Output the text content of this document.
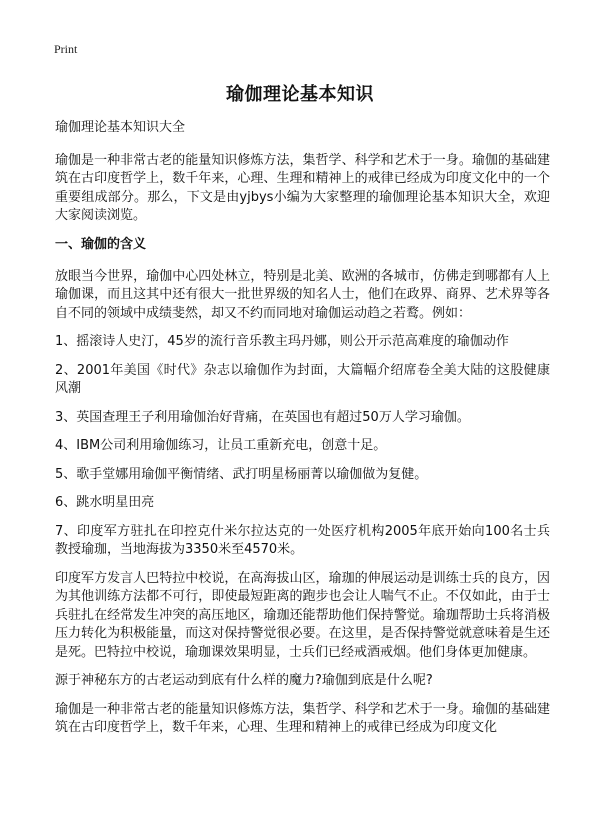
Print
瑜伽理论基本知识

瑜伽理论基本知识大全

瑜伽是一种非常古老的能量知识修炼方法，集哲学、科学和艺术于一身。瑜伽的基础建筑在古印度哲学上，数千年来，心理、生理和精神上的戒律已经成为印度文化中的一个重要组成部分。那么，下文是由yjbys小编为大家整理的瑜伽理论基本知识大全，欢迎大家阅读浏览。

一、瑜伽的含义

放眼当今世界，瑜伽中心四处林立，特别是北美、欧洲的各城市，仿佛走到哪都有人上瑜伽课，而且这其中还有很大一批世界级的知名人士，他们在政界、商界、艺术界等各自不同的领域中成绩斐然，却又不约而同地对瑜伽运动趋之若鹜。例如：

1、摇滚诗人史汀，45岁的流行音乐教主玛丹娜，则公开示范高难度的瑜伽动作

2、2001年美国《时代》杂志以瑜伽作为封面，大篇幅介绍席卷全美大陆的这股健康风潮

3、英国查理王子利用瑜伽治好背痛，在英国也有超过50万人学习瑜伽。

4、IBM公司利用瑜伽练习，让员工重新充电，创意十足。

5、歌手堂娜用瑜伽平衡情绪、武打明星杨丽菁以瑜伽做为复健。

6、跳水明星田亮

7、印度军方驻扎在印控克什米尔拉达克的一处医疗机构2005年底开始向100名士兵教授瑜珈，当地海拔为3350米至4570米。

印度军方发言人巴特拉中校说，在高海拔山区，瑜珈的伸展运动是训练士兵的良方，因为其他训练方法都不可行，即使最短距离的跑步也会让人喘气不止。不仅如此，由于士兵驻扎在经常发生冲突的高压地区，瑜珈还能帮助他们保持警觉。瑜珈帮助士兵将消极压力转化为积极能量，而这对保持警觉很必要。在这里，是否保持警觉就意味着是生还是死。巴特拉中校说，瑜珈课效果明显，士兵们已经戒酒戒烟。他们身体更加健康。

源于神秘东方的古老运动到底有什么样的魔力?瑜伽到底是什么呢?

瑜伽是一种非常古老的能量知识修炼方法，集哲学、科学和艺术于一身。瑜伽的基础建筑在古印度哲学上，数千年来，心理、生理和精神上的戒律已经成为印度文化
